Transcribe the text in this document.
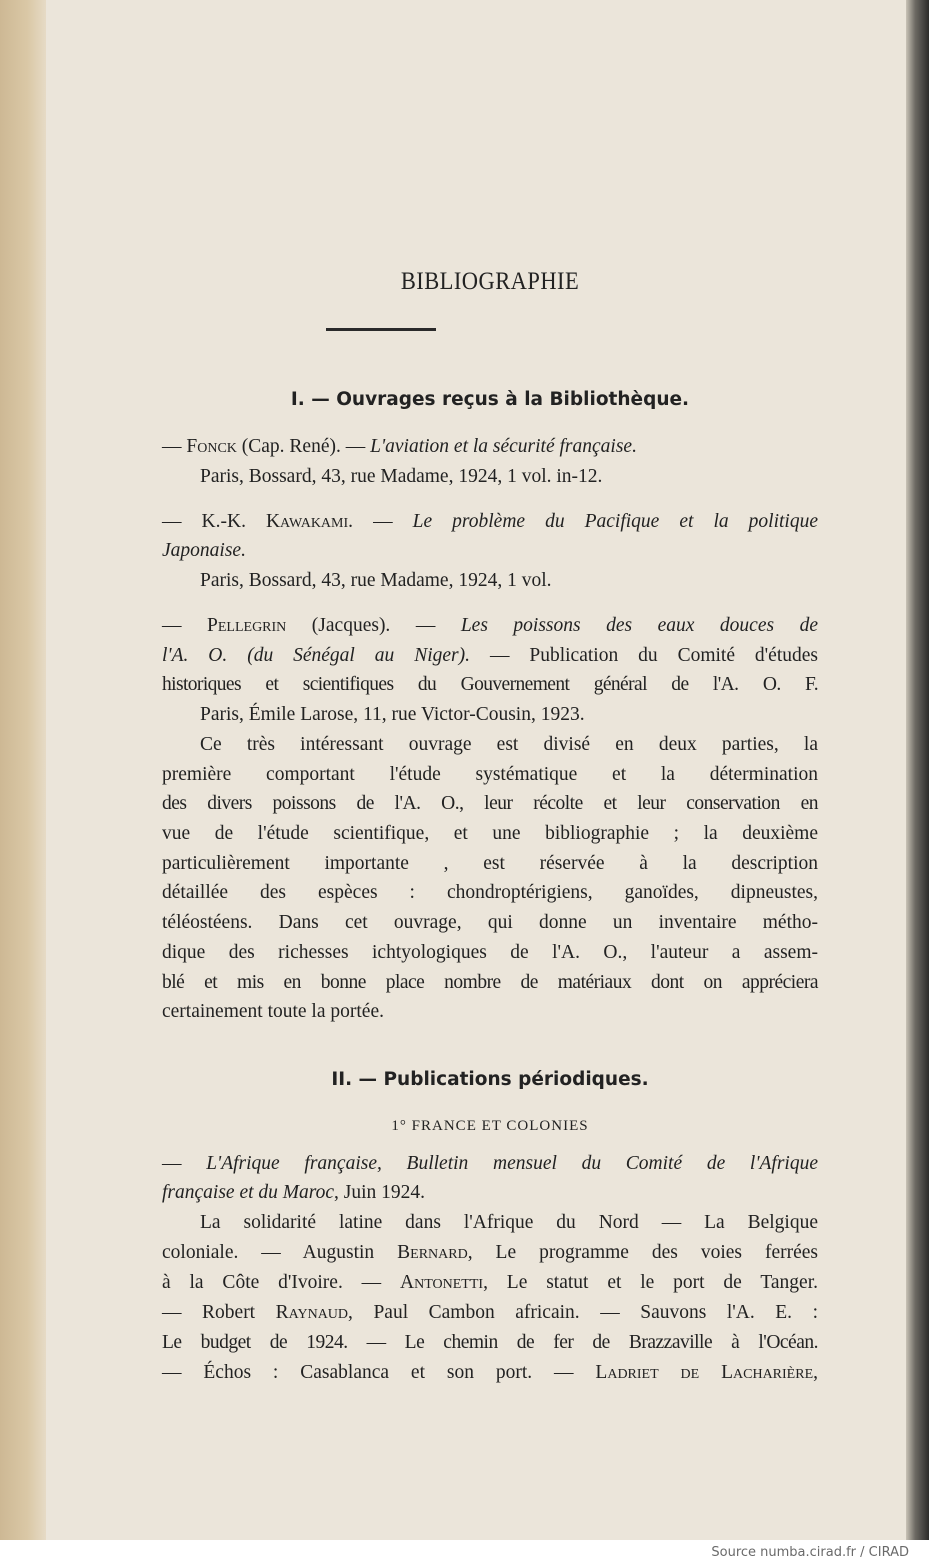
BIBLIOGRAPHIE
I. — Ouvrages reçus à la Bibliothèque.
— Fonck (Cap. René). — L'aviation et la sécurité française.
Paris, Bossard, 43, rue Madame, 1924, 1 vol. in-12.
— K.-K. Kawakami. — Le problème du Pacifique et la politique
Japonaise.
Paris, Bossard, 43, rue Madame, 1924, 1 vol.
— Pellegrin (Jacques). — Les poissons des eaux douces de
l'A. O. (du Sénégal au Niger). — Publication du Comité d'études
historiques et scientifiques du Gouvernement général de l'A. O. F.
Paris, Émile Larose, 11, rue Victor-Cousin, 1923.
Ce très intéressant ouvrage est divisé en deux parties, la
première comportant l'étude systématique et la détermination
des divers poissons de l'A. O., leur récolte et leur conservation en
vue de l'étude scientifique, et une bibliographie ; la deuxième
particulièrement importante , est réservée à la description
détaillée des espèces : chondroptérigiens, ganoïdes, dipneustes,
téléostéens. Dans cet ouvrage, qui donne un inventaire métho-
dique des richesses ichtyologiques de l'A. O., l'auteur a assem-
blé et mis en bonne place nombre de matériaux dont on appréciera
certainement toute la portée.
II. — Publications périodiques.
1° FRANCE ET COLONIES
— L'Afrique française, Bulletin mensuel du Comité de l'Afrique
française et du Maroc, Juin 1924.
La solidarité latine dans l'Afrique du Nord — La Belgique
coloniale. — Augustin Bernard, Le programme des voies ferrées
à la Côte d'Ivoire. — Antonetti, Le statut et le port de Tanger.
— Robert Raynaud, Paul Cambon africain. — Sauvons l'A. E. :
Le budget de 1924. — Le chemin de fer de Brazzaville à l'Océan.
— Échos : Casablanca et son port. — Ladriet de Lacharière,
Source numba.cirad.fr / CIRAD
